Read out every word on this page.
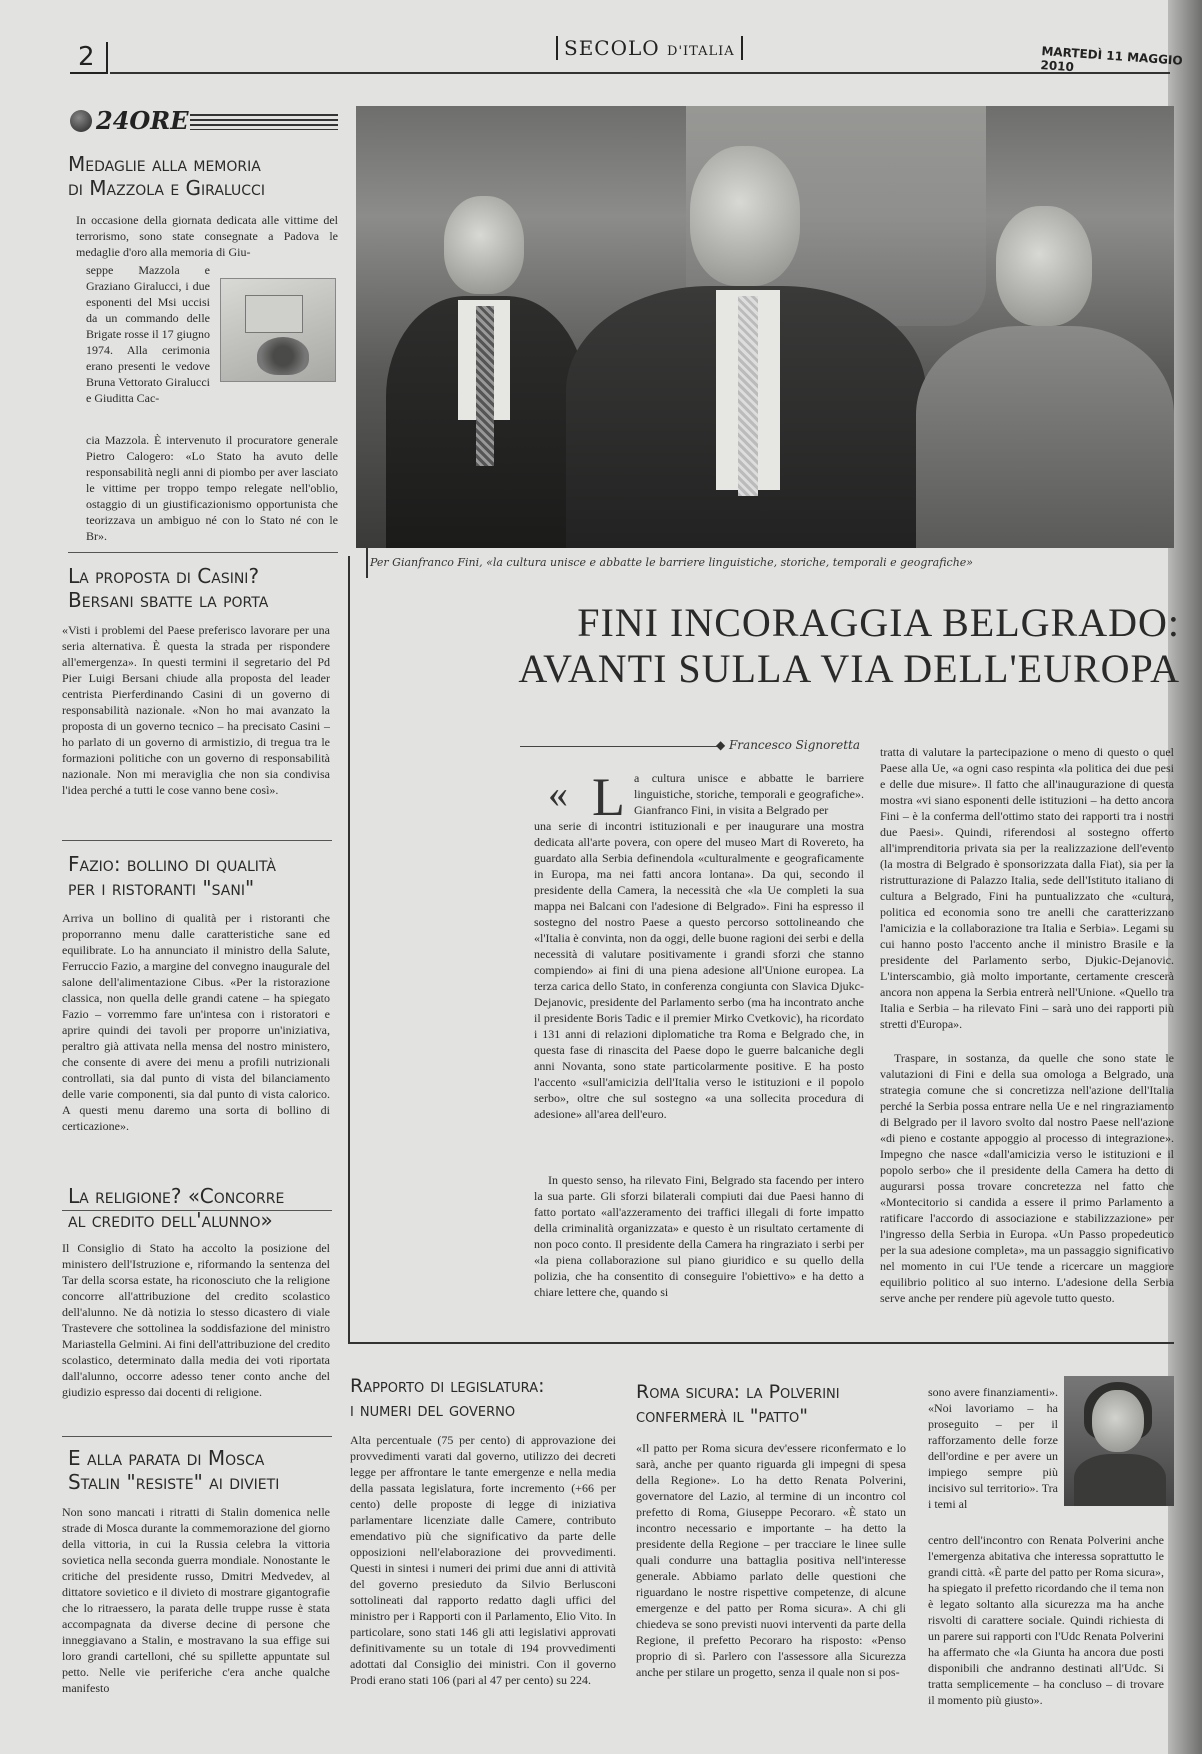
2	SECOLO D'ITALIA	MARTEDÌ 11 MAGGIO 2010
24ORE
Medaglie alla memoria
di Mazzola e Giralucci
In occasione della giornata dedicata alle vittime del terrorismo, sono state consegnate a Padova le medaglie d'oro alla memoria di Giu-
seppe Mazzola e Graziano Giralucci, i due esponenti del Msi uccisi da un commando delle Brigate rosse il 17 giugno 1974. Alla cerimonia erano presenti le vedove Bruna Vettorato Giralucci e Giuditta Cac-
cia Mazzola. È intervenuto il procuratore generale Pietro Calogero: «Lo Stato ha avuto delle responsabilità negli anni di piombo per aver lasciato le vittime per troppo tempo relegate nell'oblio, ostaggio di un giustificazionismo opportunista che teorizzava un ambiguo né con lo Stato né con le Br».
La proposta di Casini?
Bersani sbatte la porta
«Visti i problemi del Paese preferisco lavorare per una seria alternativa. È questa la strada per rispondere all'emergenza». In questi termini il segretario del Pd Pier Luigi Bersani chiude alla proposta del leader centrista Pierferdinando Casini di un governo di responsabilità nazionale. «Non ho mai avanzato la proposta di un governo tecnico – ha precisato Casini – ho parlato di un governo di armistizio, di tregua tra le formazioni politiche con un governo di responsabilità nazionale. Non mi meraviglia che non sia condivisa l'idea perché a tutti le cose vanno bene così».
Fazio: bollino di qualità
per i ristoranti "sani"
Arriva un bollino di qualità per i ristoranti che proporranno menu dalle caratteristiche sane ed equilibrate. Lo ha annunciato il ministro della Salute, Ferruccio Fazio, a margine del convegno inaugurale del salone dell'alimentazione Cibus. «Per la ristorazione classica, non quella delle grandi catene – ha spiegato Fazio – vorremmo fare un'intesa con i ristoratori e aprire quindi dei tavoli per proporre un'iniziativa, peraltro già attivata nella mensa del nostro ministero, che consente di avere dei menu a profili nutrizionali controllati, sia dal punto di vista del bilanciamento delle varie componenti, sia dal punto di vista calorico. A questi menu daremo una sorta di bollino di certicazione».
La religione? «Concorre
al credito dell'alunno»
Il Consiglio di Stato ha accolto la posizione del ministero dell'Istruzione e, riformando la sentenza del Tar della scorsa estate, ha riconosciuto che la religione concorre all'attribuzione del credito scolastico dell'alunno. Ne dà notizia lo stesso dicastero di viale Trastevere che sottolinea la soddisfazione del ministro Mariastella Gelmini. Ai fini dell'attribuzione del credito scolastico, determinato dalla media dei voti riportata dall'alunno, occorre adesso tener conto anche del giudizio espresso dai docenti di religione.
E alla parata di Mosca
Stalin "resiste" ai divieti
Non sono mancati i ritratti di Stalin domenica nelle strade di Mosca durante la commemorazione del giorno della vittoria, in cui la Russia celebra la vittoria sovietica nella seconda guerra mondiale. Nonostante le critiche del presidente russo, Dmitri Medvedev, al dittatore sovietico e il divieto di mostrare gigantografie che lo ritraessero, la parata delle truppe russe è stata accompagnata da diverse decine di persone che inneggiavano a Stalin, e mostravano la sua effige sui loro grandi cartelloni, ché su spillette appuntate sul petto. Nelle vie periferiche c'era anche qualche manifesto
Per Gianfranco Fini, «la cultura unisce e abbatte le barriere linguistiche, storiche, temporali e geografiche»
FINI INCORAGGIA BELGRADO:
AVANTI SULLA VIA DELL'EUROPA
◆ Francesco Signoretta
« L a cultura unisce e abbatte le barriere linguistiche, storiche, temporali e geografiche». Gianfranco Fini, in visita a Belgrado per
una serie di incontri istituzionali e per inaugurare una mostra dedicata all'arte povera, con opere del museo Mart di Rovereto, ha guardato alla Serbia definendola «culturalmente e geograficamente in Europa, ma nei fatti ancora lontana». Da qui, secondo il presidente della Camera, la necessità che «la Ue completi la sua mappa nei Balcani con l'adesione di Belgrado». Fini ha espresso il sostegno del nostro Paese a questo percorso sottolineando che «l'Italia è convinta, non da oggi, delle buone ragioni dei serbi e della necessità di valutare positivamente i grandi sforzi che stanno compiendo» ai fini di una piena adesione all'Unione europea. La terza carica dello Stato, in conferenza congiunta con Slavica Djukc-Dejanovic, presidente del Parlamento serbo (ma ha incontrato anche il presidente Boris Tadic e il premier Mirko Cvetkovic), ha ricordato i 131 anni di relazioni diplomatiche tra Roma e Belgrado che, in questa fase di rinascita del Paese dopo le guerre balcaniche degli anni Novanta, sono state particolarmente positive. E ha posto l'accento «sull'amicizia dell'Italia verso le istituzioni e il popolo serbo», oltre che sul sostegno «a una sollecita procedura di adesione» all'area dell'euro.
In questo senso, ha rilevato Fini, Belgrado sta facendo per intero la sua parte. Gli sforzi bilaterali compiuti dai due Paesi hanno di fatto portato «all'azzeramento dei traffici illegali di forte impatto della criminalità organizzata» e questo è un risultato certamente di non poco conto. Il presidente della Camera ha ringraziato i serbi per «la piena collaborazione sul piano giuridico e su quello della polizia, che ha consentito di conseguire l'obiettivo» e ha detto a chiare lettere che, quando si
tratta di valutare la partecipazione o meno di questo o quel Paese alla Ue, «a ogni caso respinta «la politica dei due pesi e delle due misure». Il fatto che all'inaugurazione di questa mostra «vi siano esponenti delle istituzioni – ha detto ancora Fini – è la conferma dell'ottimo stato dei rapporti tra i nostri due Paesi». Quindi, riferendosi al sostegno offerto all'imprenditoria privata sia per la realizzazione dell'evento (la mostra di Belgrado è sponsorizzata dalla Fiat), sia per la ristrutturazione di Palazzo Italia, sede dell'Istituto italiano di cultura a Belgrado, Fini ha puntualizzato che «cultura, politica ed economia sono tre anelli che caratterizzano l'amicizia e la collaborazione tra Italia e Serbia». Legami su cui hanno posto l'accento anche il ministro Brasile e la presidente del Parlamento serbo, Djukic-Dejanovic. L'interscambio, già molto importante, certamente crescerà ancora non appena la Serbia entrerà nell'Unione. «Quello tra Italia e Serbia – ha rilevato Fini – sarà uno dei rapporti più stretti d'Europa».
Traspare, in sostanza, da quelle che sono state le valutazioni di Fini e della sua omologa a Belgrado, una strategia comune che si concretizza nell'azione dell'Italia perché la Serbia possa entrare nella Ue e nel ringraziamento di Belgrado per il lavoro svolto dal nostro Paese nell'azione «di pieno e costante appoggio al processo di integrazione». Impegno che nasce «dall'amicizia verso le istituzioni e il popolo serbo» che il presidente della Camera ha detto di augurarsi possa trovare concretezza nel fatto che «Montecitorio si candida a essere il primo Parlamento a ratificare l'accordo di associazione e stabilizzazione» per l'ingresso della Serbia in Europa. «Un Passo propedeutico per la sua adesione completa», ma un passaggio significativo nel momento in cui l'Ue tende a ricercare un maggiore equilibrio politico al suo interno. L'adesione della Serbia serve anche per rendere più agevole tutto questo.
Rapporto di legislatura:
i numeri del governo
Alta percentuale (75 per cento) di approvazione dei provvedimenti varati dal governo, utilizzo dei decreti legge per affrontare le tante emergenze e nella media della passata legislatura, forte incremento (+66 per cento) delle proposte di legge di iniziativa parlamentare licenziate dalle Camere, contributo emendativo più che significativo da parte delle opposizioni nell'elaborazione dei provvedimenti. Questi in sintesi i numeri dei primi due anni di attività del governo presieduto da Silvio Berlusconi sottolineati dal rapporto redatto dagli uffici del ministro per i Rapporti con il Parlamento, Elio Vito. In particolare, sono stati 146 gli atti legislativi approvati definitivamente su un totale di 194 provvedimenti adottati dal Consiglio dei ministri. Con il governo Prodi erano stati 106 (pari al 47 per cento) su 224.
Roma sicura: la Polverini
confermerà il "patto"
«Il patto per Roma sicura dev'essere riconfermato e lo sarà, anche per quanto riguarda gli impegni di spesa della Regione». Lo ha detto Renata Polverini, governatore del Lazio, al termine di un incontro col prefetto di Roma, Giuseppe Pecoraro. «È stato un incontro necessario e importante – ha detto la presidente della Regione – per tracciare le linee sulle quali condurre una battaglia positiva nell'interesse generale. Abbiamo parlato delle questioni che riguardano le nostre rispettive competenze, di alcune emergenze e del patto per Roma sicura». A chi gli chiedeva se sono previsti nuovi interventi da parte della Regione, il prefetto Pecoraro ha risposto: «Penso proprio di sì. Parlero con l'assessore alla Sicurezza anche per stilare un progetto, senza il quale non si pos-
sono avere finanziamenti». «Noi lavoriamo – ha proseguito – per il rafforzamento delle forze dell'ordine e per avere un impiego sempre più incisivo sul territorio». Tra i temi al
centro dell'incontro con Renata Polverini anche l'emergenza abitativa che interessa soprattutto le grandi città. «È parte del patto per Roma sicura», ha spiegato il prefetto ricordando che il tema non è legato soltanto alla sicurezza ma ha anche risvolti di carattere sociale. Quindi richiesta di un parere sui rapporti con l'Udc Renata Polverini ha affermato che «la Giunta ha ancora due posti disponibili che andranno destinati all'Udc. Si tratta semplicemente – ha concluso – di trovare il momento più giusto».
